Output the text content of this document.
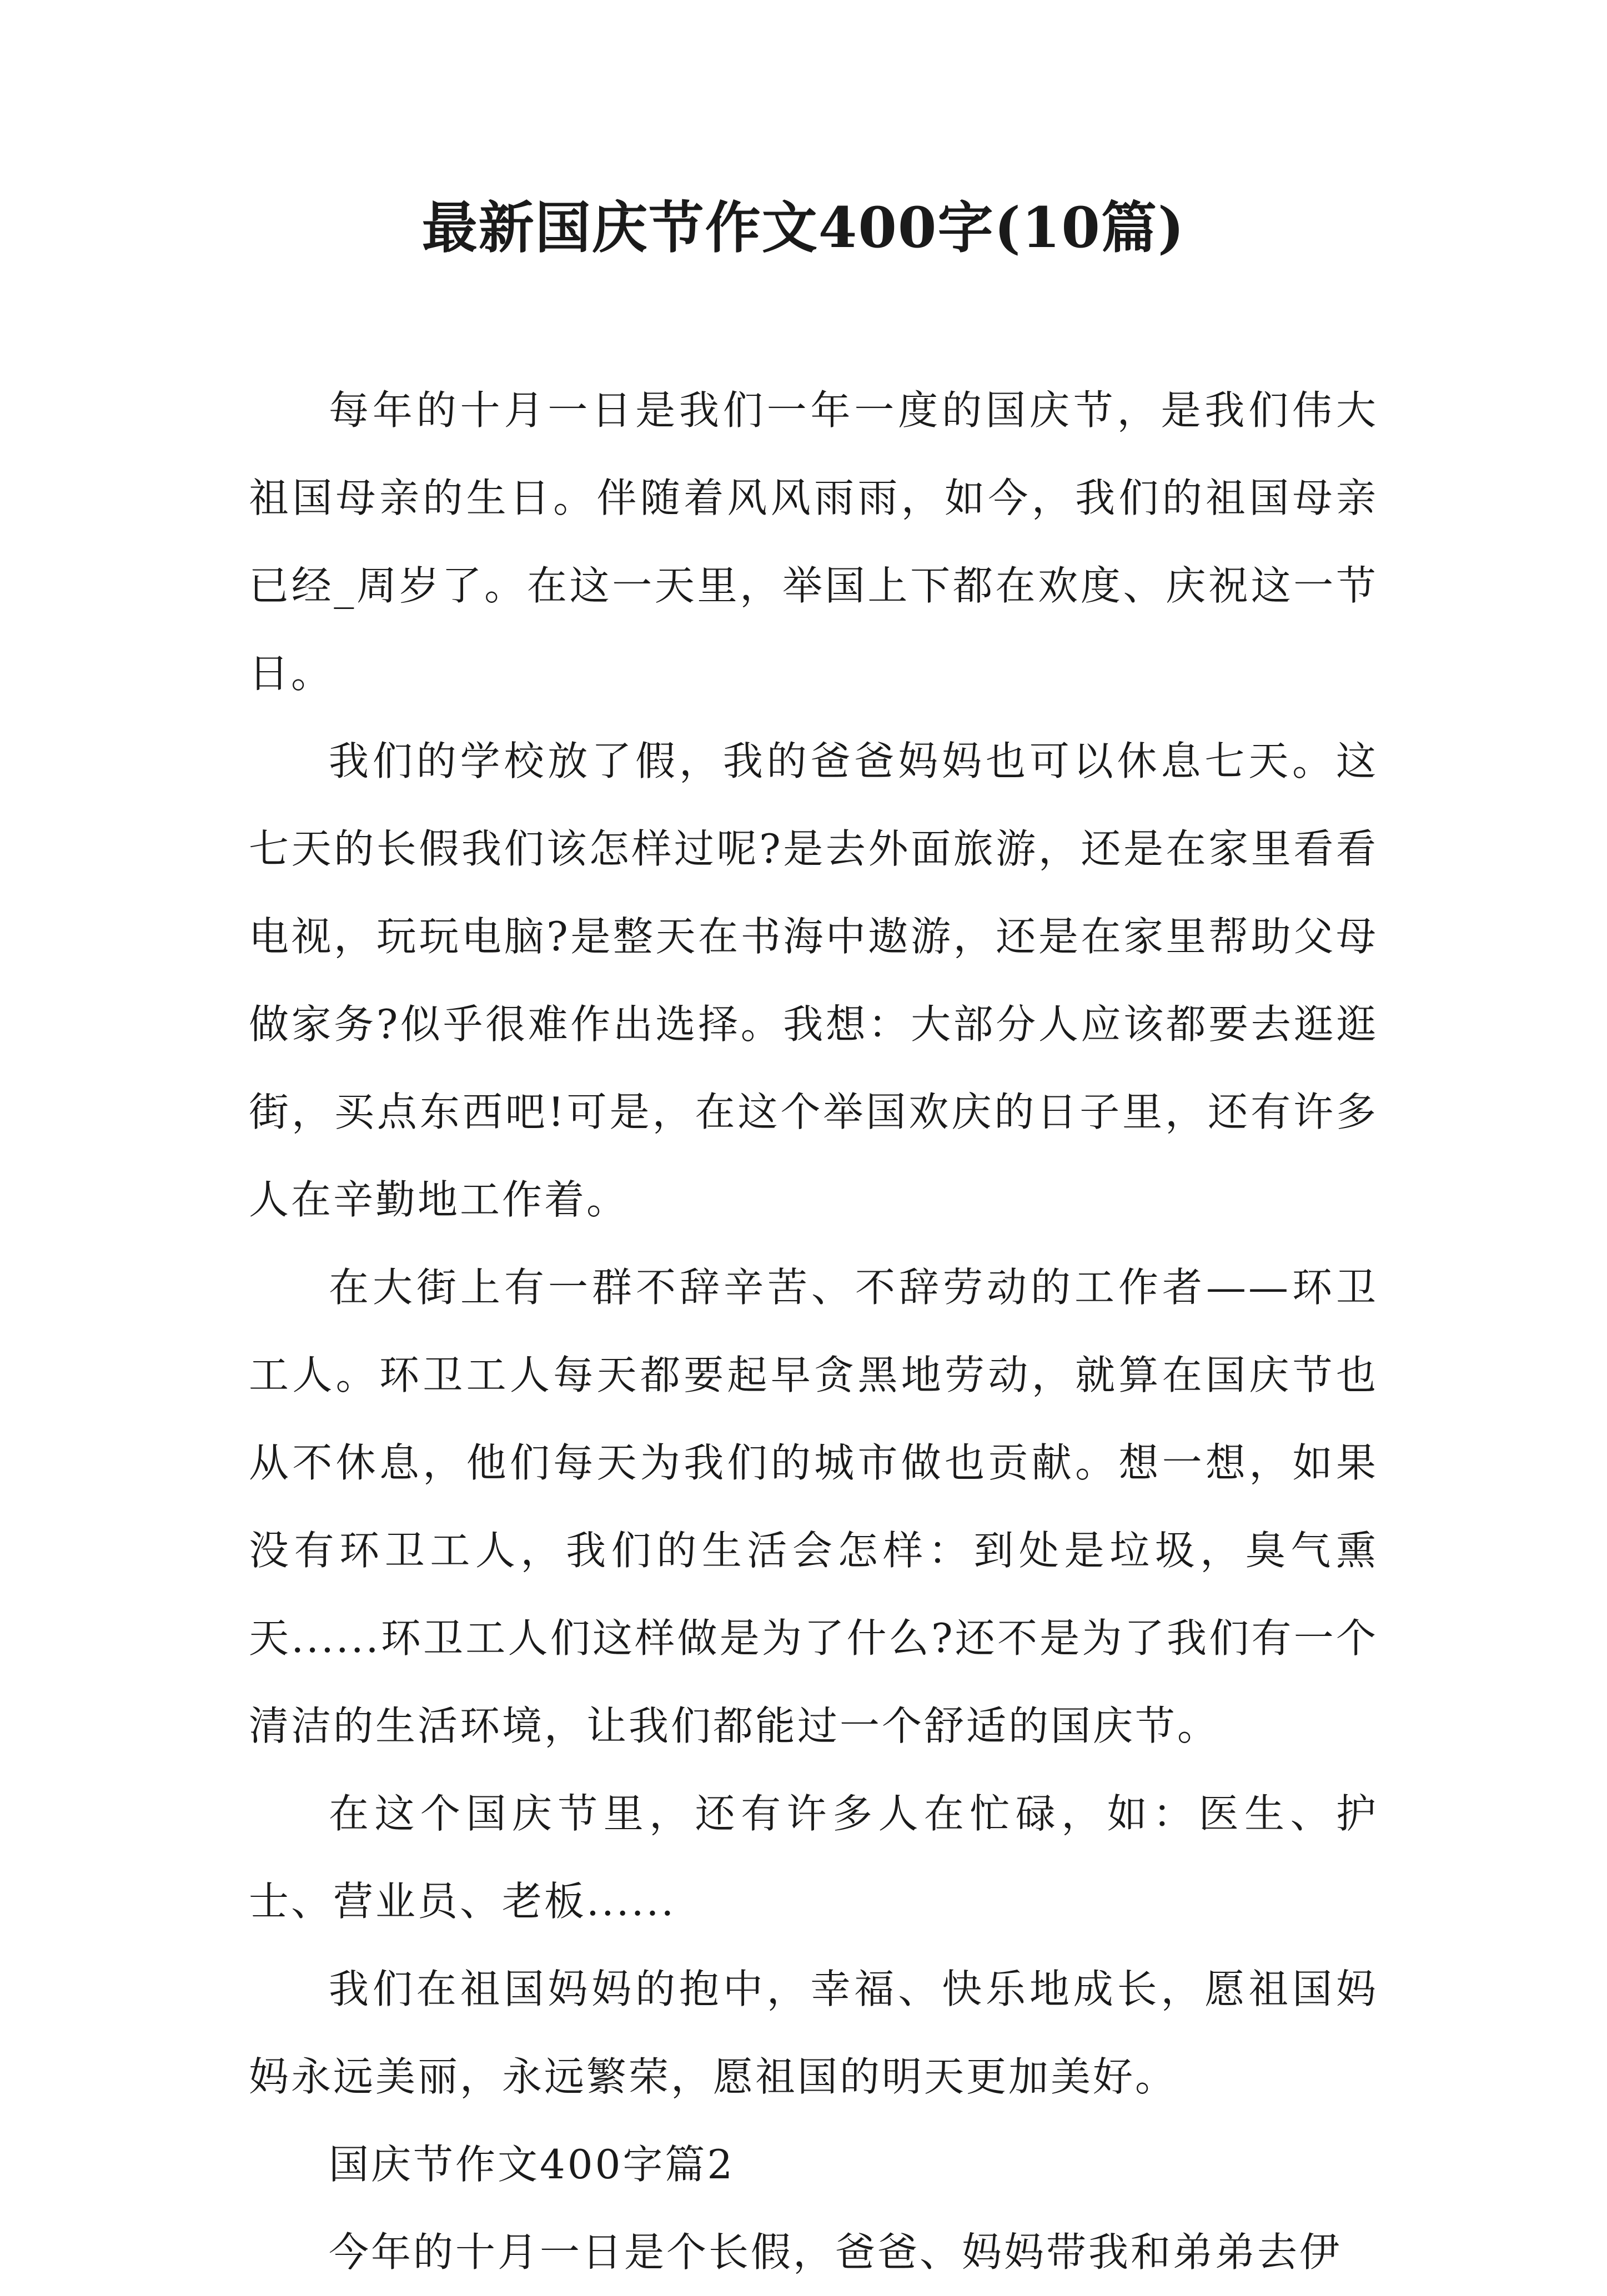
最新国庆节作文400字(10篇)

每年的十月一日是我们一年一度的国庆节，是我们伟大祖国母亲的生日。伴随着风风雨雨，如今，我们的祖国母亲已经_周岁了。在这一天里，举国上下都在欢度、庆祝这一节日。

我们的学校放了假，我的爸爸妈妈也可以休息七天。这七天的长假我们该怎样过呢?是去外面旅游，还是在家里看看电视，玩玩电脑?是整天在书海中遨游，还是在家里帮助父母做家务?似乎很难作出选择。我想：大部分人应该都要去逛逛街，买点东西吧!可是，在这个举国欢庆的日子里，还有许多人在辛勤地工作着。

在大街上有一群不辞辛苦、不辞劳动的工作者——环卫工人。环卫工人每天都要起早贪黑地劳动，就算在国庆节也从不休息，他们每天为我们的城市做也贡献。想一想，如果没有环卫工人，我们的生活会怎样：到处是垃圾，臭气熏天......环卫工人们这样做是为了什么?还不是为了我们有一个清洁的生活环境，让我们都能过一个舒适的国庆节。

在这个国庆节里，还有许多人在忙碌，如：医生、护士、营业员、老板......

我们在祖国妈妈的抱中，幸福、快乐地成长，愿祖国妈妈永远美丽，永远繁荣，愿祖国的明天更加美好。

国庆节作文400字篇2

今年的十月一日是个长假，爸爸、妈妈带我和弟弟去伊
